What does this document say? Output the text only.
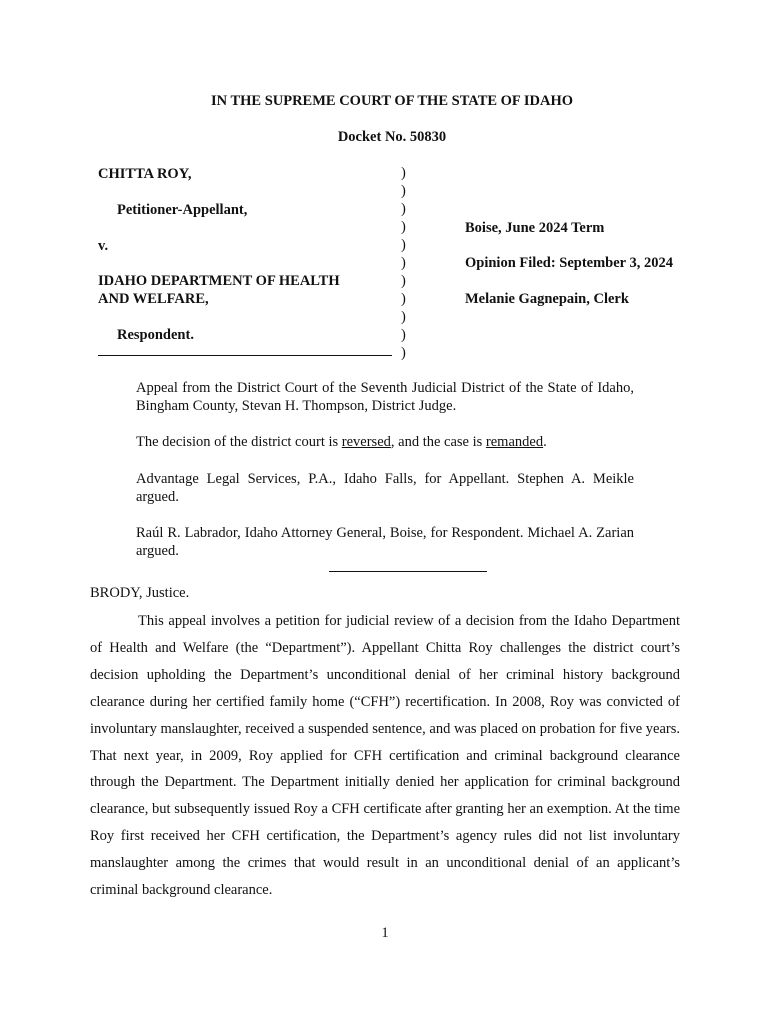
IN THE SUPREME COURT OF THE STATE OF IDAHO
Docket No. 50830
CHITTA ROY,
Petitioner-Appellant,
v.
IDAHO DEPARTMENT OF HEALTH
AND WELFARE,
Respondent.
)
)
)
)
)
)
)
)
)
)
)
Boise, June 2024 Term
Opinion Filed: September 3, 2024
Melanie Gagnepain, Clerk
Appeal from the District Court of the Seventh Judicial District of the State of Idaho, Bingham County, Stevan H. Thompson, District Judge.
The decision of the district court is reversed, and the case is remanded.
Advantage Legal Services, P.A., Idaho Falls, for Appellant. Stephen A. Meikle argued.
Raúl R. Labrador, Idaho Attorney General, Boise, for Respondent. Michael A. Zarian argued.
BRODY, Justice.

This appeal involves a petition for judicial review of a decision from the Idaho Department of Health and Welfare (the “Department”). Appellant Chitta Roy challenges the district court’s decision upholding the Department’s unconditional denial of her criminal history background clearance during her certified family home (“CFH”) recertification. In 2008, Roy was convicted of involuntary manslaughter, received a suspended sentence, and was placed on probation for five years. That next year, in 2009, Roy applied for CFH certification and criminal background clearance through the Department. The Department initially denied her application for criminal background clearance, but subsequently issued Roy a CFH certificate after granting her an exemption. At the time Roy first received her CFH certification, the Department’s agency rules did not list involuntary manslaughter among the crimes that would result in an unconditional denial of an applicant’s criminal background clearance.

1
